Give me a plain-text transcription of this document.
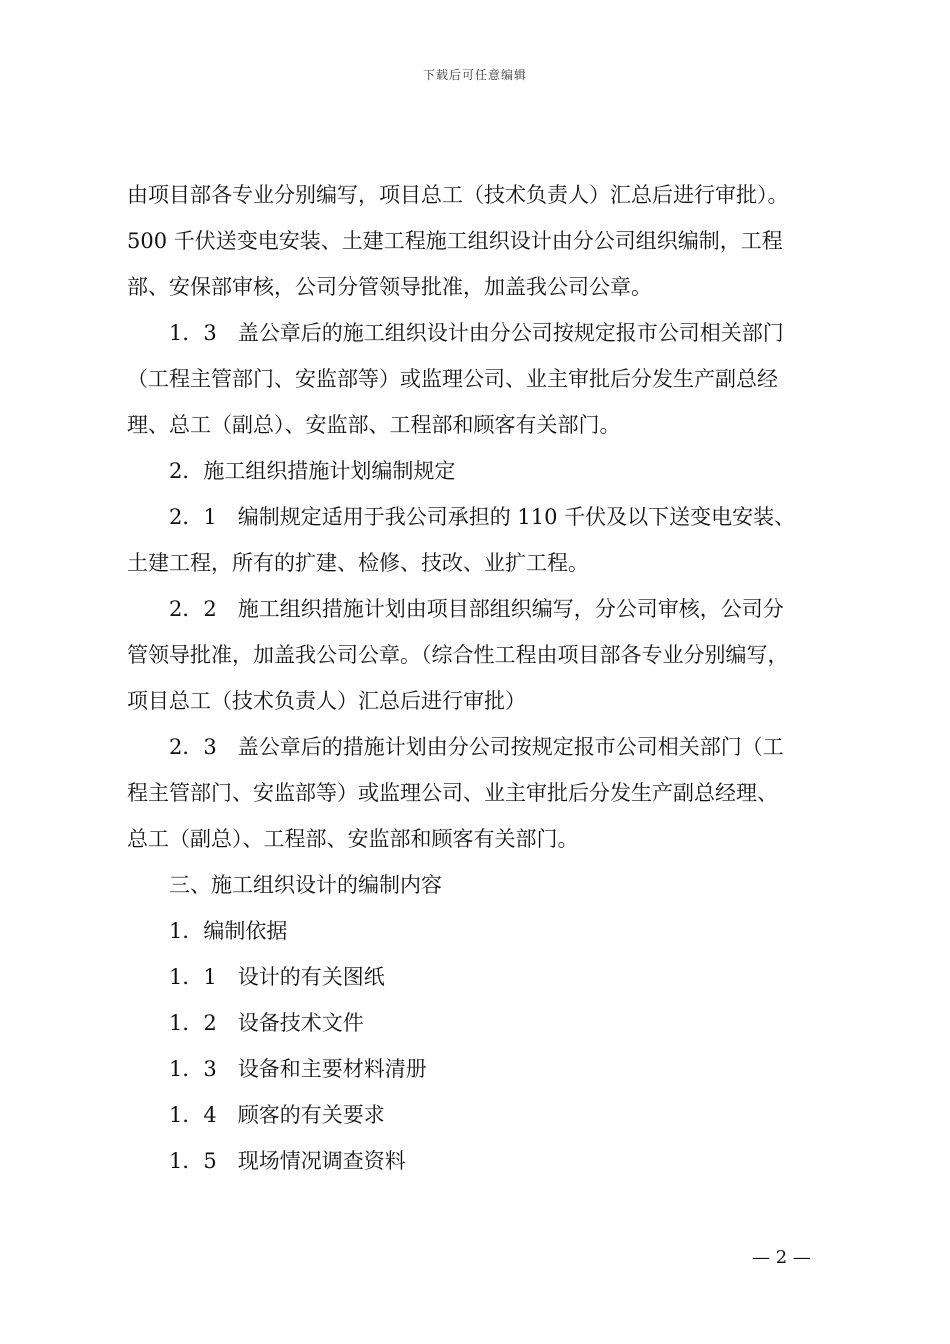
下载后可任意编辑

由项目部各专业分别编写，项目总工（技术负责人）汇总后进行审批）。

500 千伏送变电安装、土建工程施工组织设计由分公司组织编制，工程

部、安保部审核，公司分管领导批准，加盖我公司公章。

1．3　盖公章后的施工组织设计由分公司按规定报市公司相关部门

（工程主管部门、安监部等）或监理公司、业主审批后分发生产副总经

理、总工（副总）、安监部、工程部和顾客有关部门。

2．施工组织措施计划编制规定

2．1　编制规定适用于我公司承担的 110 千伏及以下送变电安装、

土建工程，所有的扩建、检修、技改、业扩工程。

2．2　施工组织措施计划由项目部组织编写，分公司审核，公司分

管领导批准，加盖我公司公章。（综合性工程由项目部各专业分别编写，

项目总工（技术负责人）汇总后进行审批）

2．3　盖公章后的措施计划由分公司按规定报市公司相关部门（工

程主管部门、安监部等）或监理公司、业主审批后分发生产副总经理、

总工（副总）、工程部、安监部和顾客有关部门。

三、施工组织设计的编制内容

1．编制依据

1．1　设计的有关图纸

1．2　设备技术文件

1．3　设备和主要材料清册

1．4　顾客的有关要求

1．5　现场情况调查资料

— 2 —
